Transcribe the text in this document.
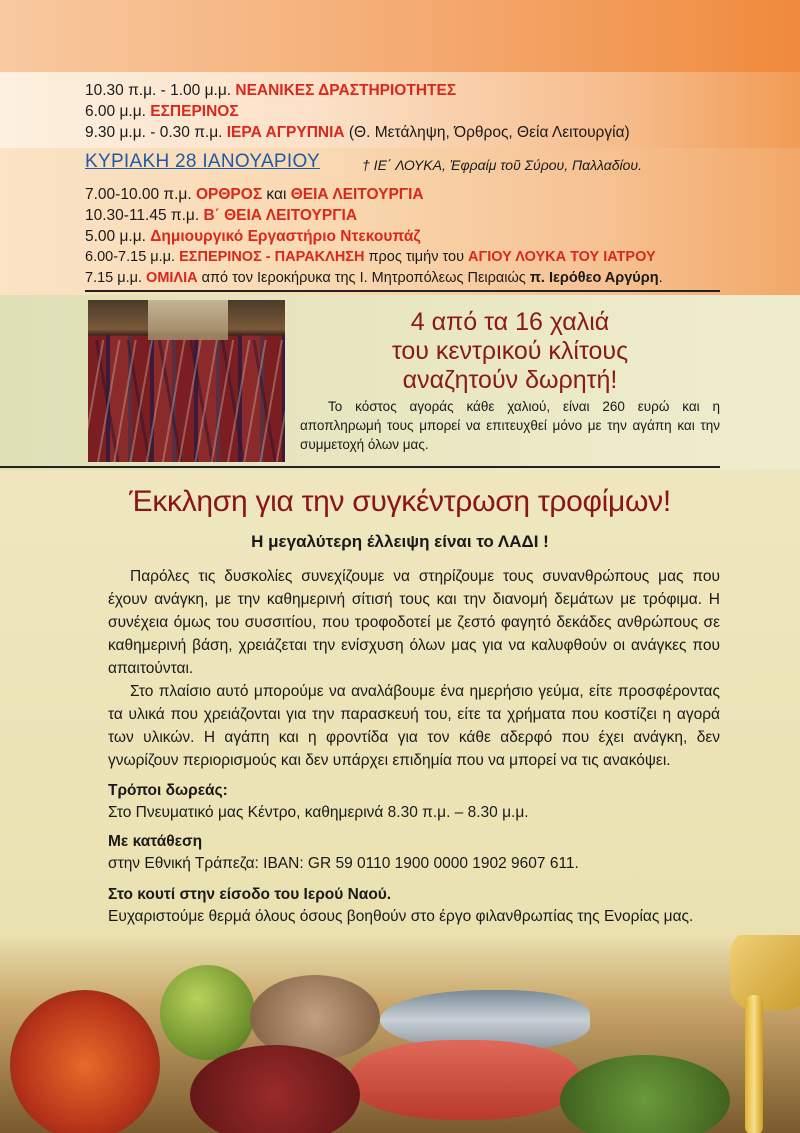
10.30 π.μ. - 1.00 μ.μ. ΝΕΑΝΙΚΕΣ ΔΡΑΣΤΗΡΙΟΤΗΤΕΣ
6.00 μ.μ. ΕΣΠΕΡΙΝΟΣ
9.30 μ.μ. - 0.30 π.μ. ΙΕΡΑ ΑΓΡΥΠΝΙΑ (Θ. Μετάληψη, Όρθρος, Θεία Λειτουργία)
ΚΥΡΙΑΚΗ 28 ΙΑΝΟΥΑΡΙΟΥ	† ΙΕ΄ ΛΟΥΚΑ, Ἐφραίμ τοῦ Σύρου, Παλλαδίου.
7.00-10.00 π.μ. ΟΡΘΡΟΣ και ΘΕΙΑ ΛΕΙΤΟΥΡΓΙΑ
10.30-11.45 π.μ. Β΄ ΘΕΙΑ ΛΕΙΤΟΥΡΓΙΑ
5.00 μ.μ. Δημιουργικό Εργαστήριο Ντεκουπάζ
6.00-7.15 μ.μ. ΕΣΠΕΡΙΝΟΣ - ΠΑΡΑΚΛΗΣΗ προς τιμήν του ΑΓΙΟΥ ΛΟΥΚΑ ΤΟΥ ΙΑΤΡΟΥ
7.15 μ.μ. ΟΜΙΛΙΑ από τον Ιεροκήρυκα της Ι. Μητροπόλεως Πειραιώς π. Ιερόθεο Αργύρη.
4 από τα 16 χαλιά
του κεντρικού κλίτους
αναζητούν δωρητή!
Το κόστος αγοράς κάθε χαλιού, είναι 260 ευρώ και η αποπληρωμή τους μπορεί να επιτευχθεί μόνο με την αγάπη και την συμμετοχή όλων μας.
Έκκληση για την συγκέντρωση τροφίμων!
Η μεγαλύτερη έλλειψη είναι το ΛΑΔΙ !

Παρόλες τις δυσκολίες συνεχίζουμε να στηρίζουμε τους συνανθρώπους μας που έχουν ανάγκη, με την καθημερινή σίτισή τους και την διανομή δεμάτων με τρόφιμα. Η συνέχεια όμως του συσσιτίου, που τροφοδοτεί με ζεστό φαγητό δεκάδες ανθρώπους σε καθημερινή βάση, χρειάζεται την ενίσχυση όλων μας για να καλυφθούν οι ανάγκες που απαιτούνται.

Στο πλαίσιο αυτό μπορούμε να αναλάβουμε ένα ημερήσιο γεύμα, είτε προσφέροντας τα υλικά που χρειάζονται για την παρασκευή του, είτε τα χρήματα που κοστίζει η αγορά των υλικών. Η αγάπη και η φροντίδα για τον κάθε αδερφό που έχει ανάγκη, δεν γνωρίζουν περιορισμούς και δεν υπάρχει επιδημία που να μπορεί να τις ανακόψει.

Τρόποι δωρεάς:
Στο Πνευματικό μας Κέντρο, καθημερινά 8.30 π.μ. – 8.30 μ.μ.
Με κατάθεση
στην Εθνική Τράπεζα: IBAN: GR 59 0110 1900 0000 1902 9607 611.
Στο κουτί στην είσοδο του Ιερού Ναού.
Ευχαριστούμε θερμά όλους όσους βοηθούν στο έργο φιλανθρωπίας της Ενορίας μας.
